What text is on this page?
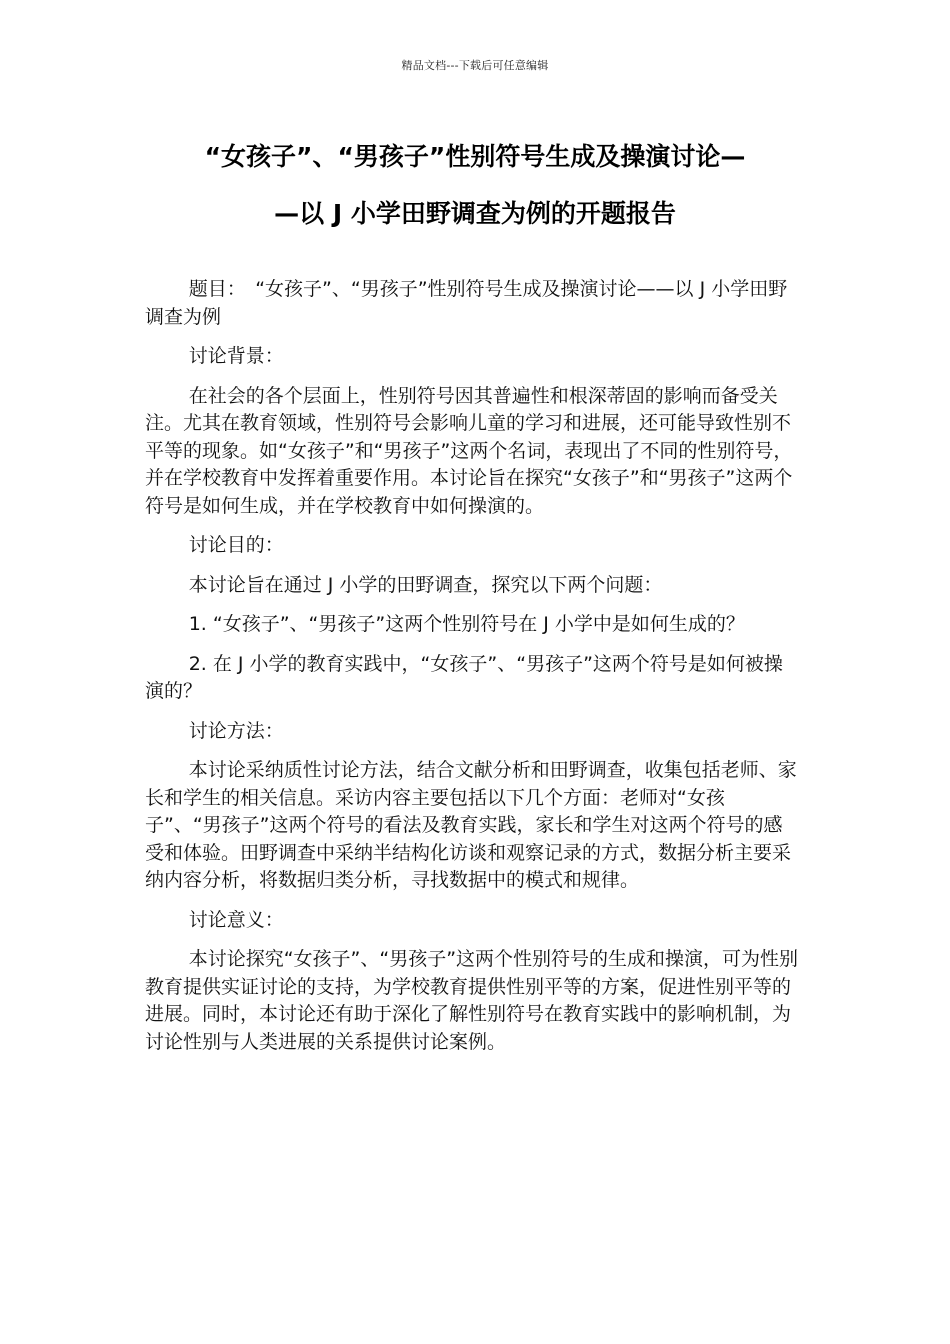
精品文档---下载后可任意编辑
“女孩子”、“男孩子”性别符号生成及操演讨论—
—以 J 小学田野调查为例的开题报告

题目：　“女孩子”、“男孩子”性别符号生成及操演讨论——以 J 小学田野调查为例

讨论背景：

在社会的各个层面上，性别符号因其普遍性和根深蒂固的影响而备受关注。尤其在教育领域，性别符号会影响儿童的学习和进展，还可能导致性别不平等的现象。如“女孩子”和“男孩子”这两个名词，表现出了不同的性别符号，并在学校教育中发挥着重要作用。本讨论旨在探究“女孩子”和“男孩子”这两个符号是如何生成，并在学校教育中如何操演的。

讨论目的：

本讨论旨在通过 J 小学的田野调查，探究以下两个问题：

1. “女孩子”、“男孩子”这两个性别符号在 J 小学中是如何生成的？

2. 在 J 小学的教育实践中，“女孩子”、“男孩子”这两个符号是如何被操演的？

讨论方法：

本讨论采纳质性讨论方法，结合文献分析和田野调查，收集包括老师、家长和学生的相关信息。采访内容主要包括以下几个方面：老师对“女孩子”、“男孩子”这两个符号的看法及教育实践，家长和学生对这两个符号的感受和体验。田野调查中采纳半结构化访谈和观察记录的方式，数据分析主要采纳内容分析，将数据归类分析，寻找数据中的模式和规律。

讨论意义：

本讨论探究“女孩子”、“男孩子”这两个性别符号的生成和操演，可为性别教育提供实证讨论的支持，为学校教育提供性别平等的方案，促进性别平等的进展。同时，本讨论还有助于深化了解性别符号在教育实践中的影响机制，为讨论性别与人类进展的关系提供讨论案例。
